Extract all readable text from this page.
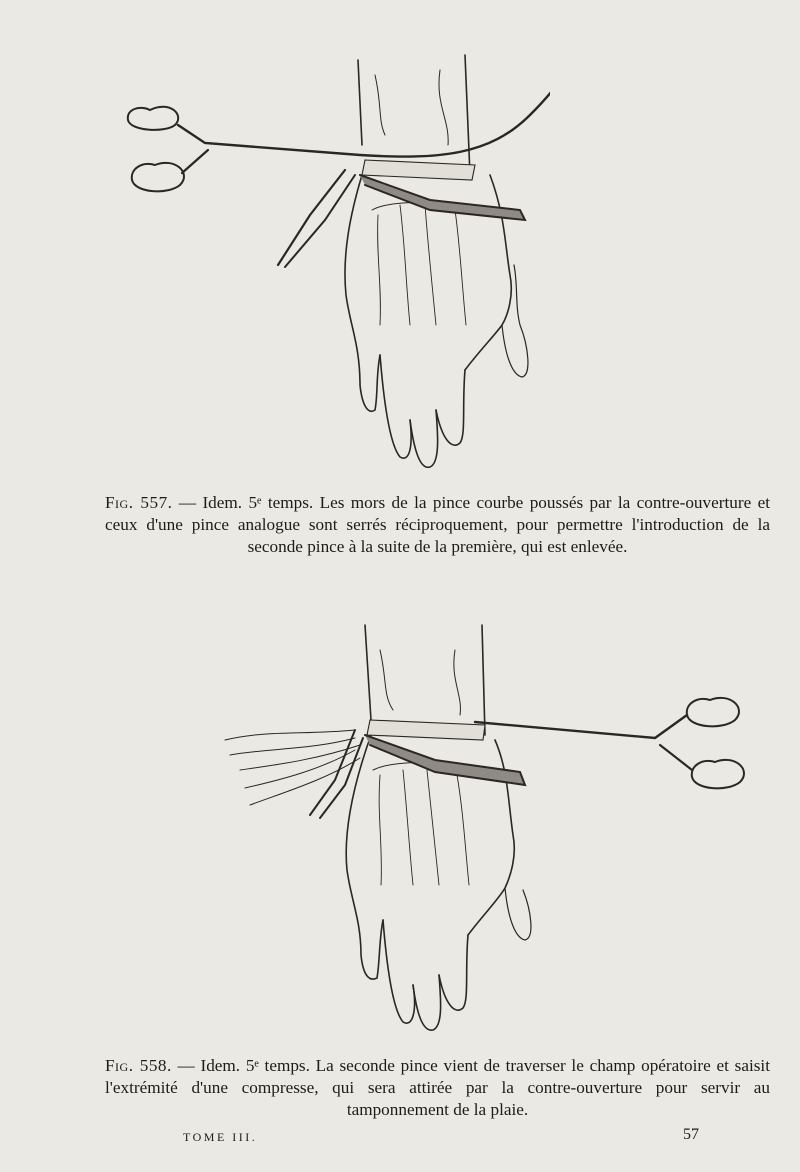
Fig. 557. — Idem. 5ᵉ temps. Les mors de la pince courbe poussés par la contre-ouverture et ceux d'une pince analogue sont serrés réciproquement, pour permettre l'introduction de la seconde pince à la suite de la première, qui est enlevée.
Fig. 558. — Idem. 5ᵉ temps. La seconde pince vient de traverser le champ opératoire et saisit l'extrémité d'une compresse, qui sera attirée par la contre-ouverture pour servir au tamponnement de la plaie.
TOME III.	57
